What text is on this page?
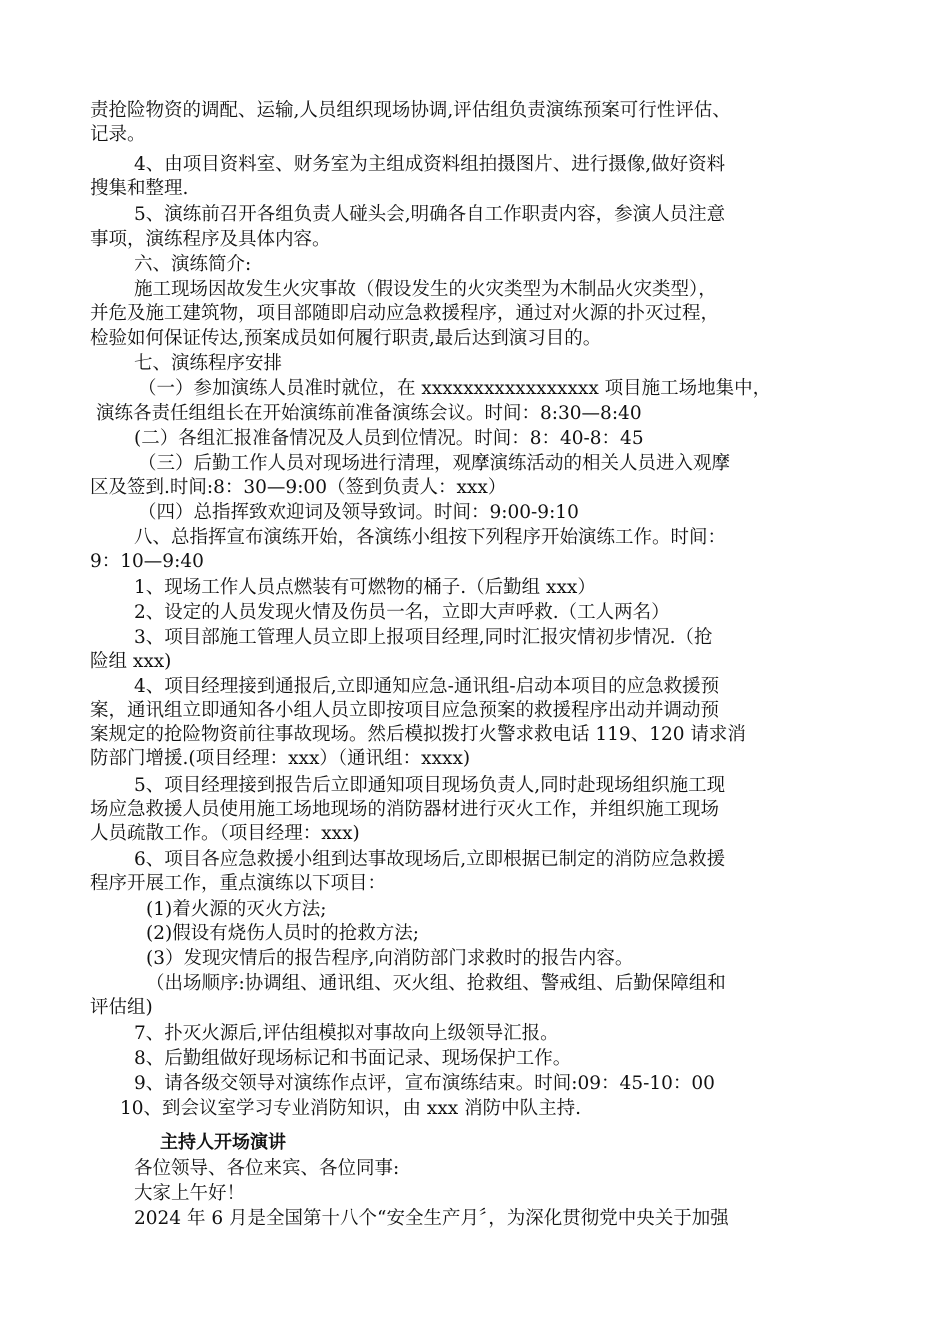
责抢险物资的调配、运输,人员组织现场协调,评估组负责演练预案可行性评估、
记录。
4、由项目资料室、财务室为主组成资料组拍摄图片、进行摄像,做好资料
搜集和整理.
5、演练前召开各组负责人碰头会,明确各自工作职责内容，参演人员注意
事项，演练程序及具体内容。
六、演练简介:
施工现场因故发生火灾事故（假设发生的火灾类型为木制品火灾类型），
并危及施工建筑物，项目部随即启动应急救援程序，通过对火源的扑灭过程，
检验如何保证传达,预案成员如何履行职责,最后达到演习目的。
七、演练程序安排
（一）参加演练人员准时就位，在 xxxxxxxxxxxxxxxxx 项目施工场地集中，
演练各责任组组长在开始演练前准备演练会议。时间：8:30—8:40
(二）各组汇报准备情况及人员到位情况。时间：8：40-8：45
（三）后勤工作人员对现场进行清理，观摩演练活动的相关人员进入观摩
区及签到.时间:8：30—9:00（签到负责人：xxx）
（四）总指挥致欢迎词及领导致词。时间：9:00-9:10
八、总指挥宣布演练开始，各演练小组按下列程序开始演练工作。时间：
9：10—9:40
1、现场工作人员点燃装有可燃物的桶子.（后勤组 xxx）
2、设定的人员发现火情及伤员一名，立即大声呼救.（工人两名）
3、项目部施工管理人员立即上报项目经理,同时汇报灾情初步情况.（抢
险组 xxx)
4、项目经理接到通报后,立即通知应急-通讯组-启动本项目的应急救援预
案，通讯组立即通知各小组人员立即按项目应急预案的救援程序出动并调动预
案规定的抢险物资前往事故现场。然后模拟拨打火警求救电话 119、120 请求消
防部门增援.(项目经理：xxx）（通讯组：xxxx)
5、项目经理接到报告后立即通知项目现场负责人,同时赴现场组织施工现
场应急救援人员使用施工场地现场的消防器材进行灭火工作，并组织施工现场
人员疏散工作。（项目经理：xxx)
6、项目各应急救援小组到达事故现场后,立即根据已制定的消防应急救援
程序开展工作，重点演练以下项目：
(1)着火源的灭火方法;
(2)假设有烧伤人员时的抢救方法;
(3）发现灾情后的报告程序,向消防部门求救时的报告内容。
（出场顺序:协调组、通讯组、灭火组、抢救组、警戒组、后勤保障组和
评估组)
7、扑灭火源后,评估组模拟对事故向上级领导汇报。
8、后勤组做好现场标记和书面记录、现场保护工作。
9、请各级交领导对演练作点评，宣布演练结束。时间:09：45-10：00
10、到会议室学习专业消防知识，由 xxx 消防中队主持.
主持人开场演讲
各位领导、各位来宾、各位同事:
大家上午好！
2024 年 6 月是全国第十八个“安全生产月〞，为深化贯彻党中央关于加强
